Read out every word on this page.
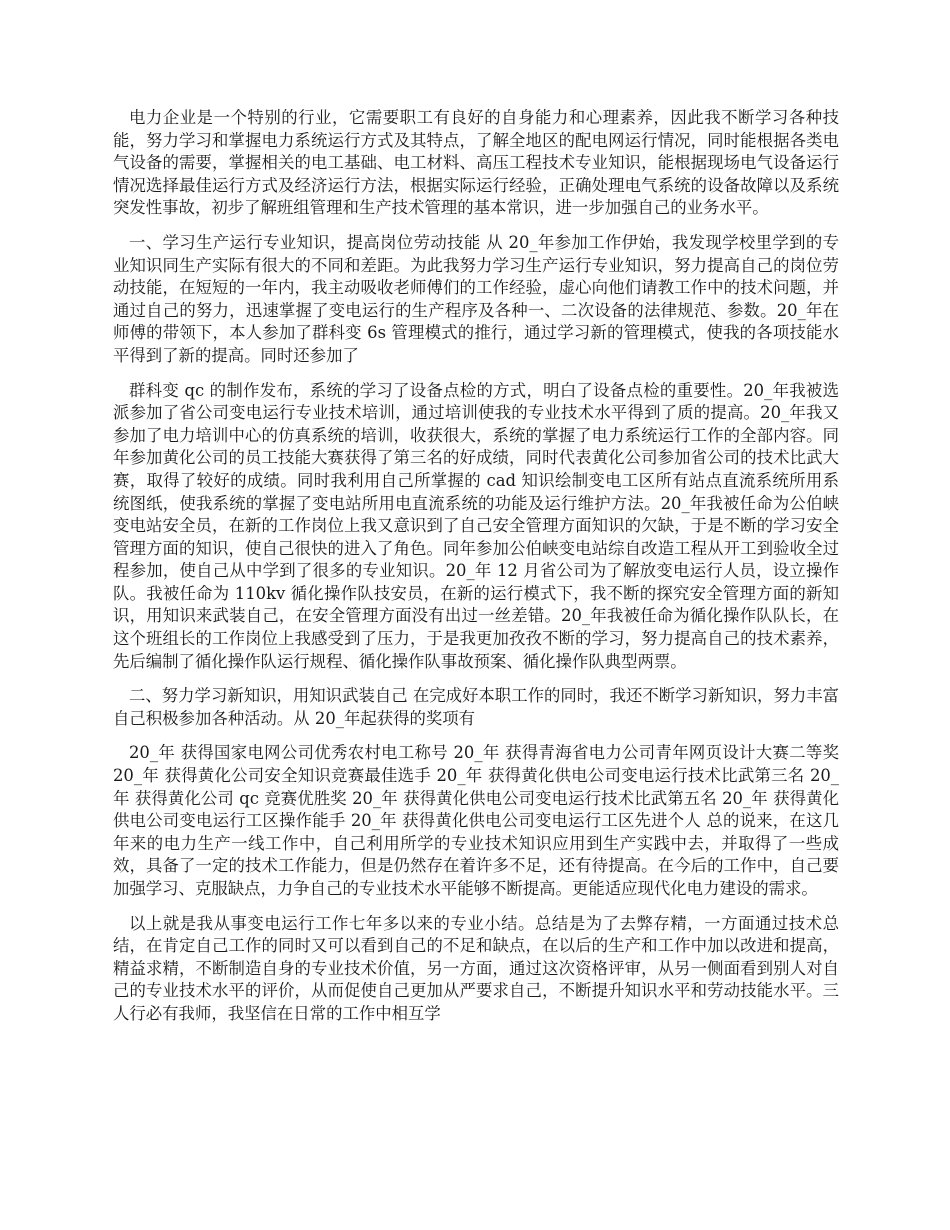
电力企业是一个特别的行业，它需要职工有良好的自身能力和心理素养，因此我不断学习各种技能，努力学习和掌握电力系统运行方式及其特点，了解全地区的配电网运行情况，同时能根据各类电气设备的需要，掌握相关的电工基础、电工材料、高压工程技术专业知识，能根据现场电气设备运行情况选择最佳运行方式及经济运行方法，根据实际运行经验，正确处理电气系统的设备故障以及系统突发性事故，初步了解班组管理和生产技术管理的基本常识，进一步加强自己的业务水平。

一、学习生产运行专业知识，提高岗位劳动技能 从 20_年参加工作伊始，我发现学校里学到的专业知识同生产实际有很大的不同和差距。为此我努力学习生产运行专业知识，努力提高自己的岗位劳动技能，在短短的一年内，我主动吸收老师傅们的工作经验，虚心向他们请教工作中的技术问题，并通过自己的努力，迅速掌握了变电运行的生产程序及各种一、二次设备的法律规范、参数。20_年在师傅的带领下，本人参加了群科变 6s 管理模式的推行，通过学习新的管理模式，使我的各项技能水平得到了新的提高。同时还参加了

群科变 qc 的制作发布，系统的学习了设备点检的方式，明白了设备点检的重要性。20_年我被选派参加了省公司变电运行专业技术培训，通过培训使我的专业技术水平得到了质的提高。20_年我又参加了电力培训中心的仿真系统的培训，收获很大，系统的掌握了电力系统运行工作的全部内容。同年参加黄化公司的员工技能大赛获得了第三名的好成绩，同时代表黄化公司参加省公司的技术比武大赛，取得了较好的成绩。同时我利用自己所掌握的 cad 知识绘制变电工区所有站点直流系统所用系统图纸，使我系统的掌握了变电站所用电直流系统的功能及运行维护方法。20_年我被任命为公伯峡变电站安全员，在新的工作岗位上我又意识到了自己安全管理方面知识的欠缺，于是不断的学习安全管理方面的知识，使自己很快的进入了角色。同年参加公伯峡变电站综自改造工程从开工到验收全过程参加，使自己从中学到了很多的专业知识。20_年 12 月省公司为了解放变电运行人员，设立操作队。我被任命为 110kv 循化操作队技安员，在新的运行模式下，我不断的探究安全管理方面的新知识，用知识来武装自己，在安全管理方面没有出过一丝差错。20_年我被任命为循化操作队队长，在这个班组长的工作岗位上我感受到了压力，于是我更加孜孜不断的学习，努力提高自己的技术素养，先后编制了循化操作队运行规程、循化操作队事故预案、循化操作队典型两票。

二、努力学习新知识，用知识武装自己 在完成好本职工作的同时，我还不断学习新知识，努力丰富自己积极参加各种活动。从 20_年起获得的奖项有

20_年 获得国家电网公司优秀农村电工称号 20_年 获得青海省电力公司青年网页设计大赛二等奖 20_年 获得黄化公司安全知识竞赛最佳选手 20_年 获得黄化供电公司变电运行技术比武第三名 20_年 获得黄化公司 qc 竞赛优胜奖 20_年 获得黄化供电公司变电运行技术比武第五名 20_年 获得黄化供电公司变电运行工区操作能手 20_年 获得黄化供电公司变电运行工区先进个人 总的说来，在这几年来的电力生产一线工作中，自己利用所学的专业技术知识应用到生产实践中去，并取得了一些成效，具备了一定的技术工作能力，但是仍然存在着许多不足，还有待提高。在今后的工作中，自己要加强学习、克服缺点，力争自己的专业技术水平能够不断提高。更能适应现代化电力建设的需求。

以上就是我从事变电运行工作七年多以来的专业小结。总结是为了去弊存精，一方面通过技术总结，在肯定自己工作的同时又可以看到自己的不足和缺点，在以后的生产和工作中加以改进和提高，精益求精，不断制造自身的专业技术价值，另一方面，通过这次资格评审，从另一侧面看到别人对自己的专业技术水平的评价，从而促使自己更加从严要求自己，不断提升知识水平和劳动技能水平。三人行必有我师，我坚信在日常的工作中相互学
